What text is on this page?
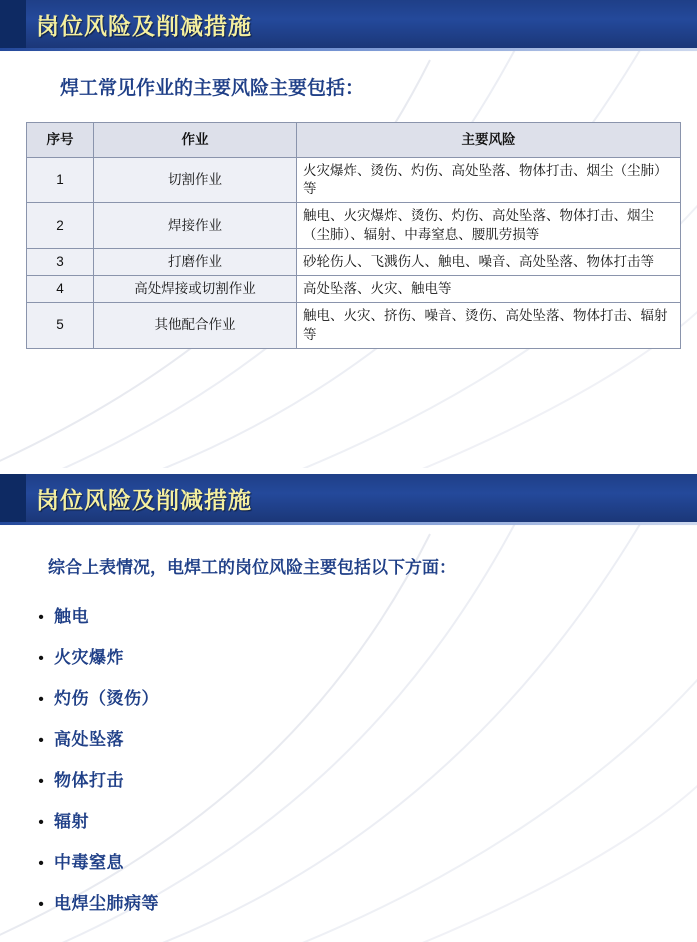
岗位风险及削减措施
焊工常见作业的主要风险主要包括：
序号	作业	主要风险
1	切割作业	火灾爆炸、烫伤、灼伤、高处坠落、物体打击、烟尘（尘肺）等
2	焊接作业	触电、火灾爆炸、烫伤、灼伤、高处坠落、物体打击、烟尘（尘肺）、辐射、中毒窒息、腰肌劳损等
3	打磨作业	砂轮伤人、飞溅伤人、触电、噪音、高处坠落、物体打击等
4	高处焊接或切割作业	高处坠落、火灾、触电等
5	其他配合作业	触电、火灾、挤伤、噪音、烫伤、高处坠落、物体打击、辐射等
岗位风险及削减措施
综合上表情况，电焊工的岗位风险主要包括以下方面：
• 触电
• 火灾爆炸
• 灼伤（烫伤）
• 高处坠落
• 物体打击
• 辐射
• 中毒窒息
• 电焊尘肺病等
